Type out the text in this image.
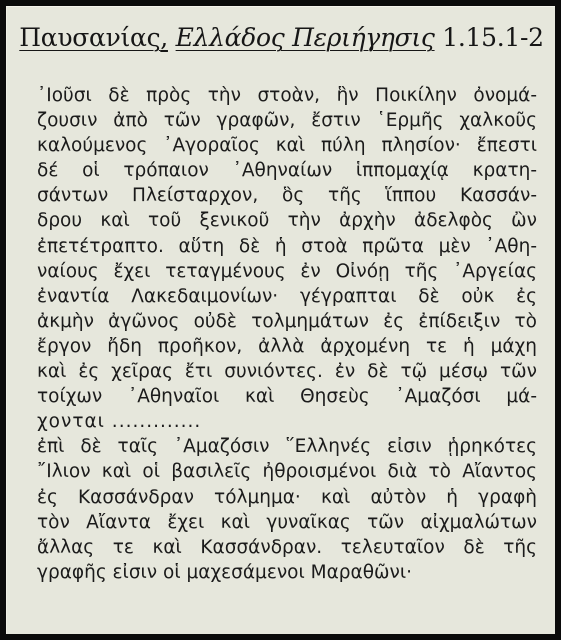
Παυσανίας, Ελλάδος Περιήγησις 1.15.1-2
᾽Ιοῦσι δὲ πρὸς τὴν στοὰν, ἣν Ποικίλην ὀνομά-
ζουσιν ἀπὸ τῶν γραφῶν, ἔστιν ῾Ερμῆς χαλκοῦς
καλούμενος ᾽Αγοραῖος καὶ πύλη πλησίον· ἔπεστι
δέ οἱ τρόπαιον ᾽Αθηναίων ἱππομαχίᾳ κρατη-
σάντων Πλείσταρχον, ὃς τῆς ἵππου Κασσάν-
δρου καὶ τοῦ ξενικοῦ τὴν ἀρχὴν ἀδελφὸς ὢν
ἐπετέτραπτο. αὕτη δὲ ἡ στοὰ πρῶτα μὲν ᾽Αθη-
ναίους ἔχει τεταγμένους ἐν Οἰνόῃ τῆς ᾽Αργείας
ἐναντία Λακεδαιμονίων· γέγραπται δὲ οὐκ ἐς
ἀκμὴν ἀγῶνος οὐδὲ τολμημάτων ἐς ἐπίδειξιν τὸ
ἔργον ἤδη προῆκον, ἀλλὰ ἀρχομένη τε ἡ μάχη
καὶ ἐς χεῖρας ἔτι συνιόντες. ἐν δὲ τῷ μέσῳ τῶν
τοίχων ᾽Αθηναῖοι καὶ Θησεὺς ᾽Αμαζόσι μά-
χονται .............
ἐπὶ δὲ ταῖς ᾽Αμαζόσιν ῞Ελληνές εἰσιν ᾑρηκότες
῎Ιλιον καὶ οἱ βασιλεῖς ἠθροισμένοι διὰ τὸ Αἴαντος
ἐς Κασσάνδραν τόλμημα· καὶ αὐτὸν ἡ γραφὴ
τὸν Αἴαντα ἔχει καὶ γυναῖκας τῶν αἰχμαλώτων
ἄλλας τε καὶ Κασσάνδραν. τελευταῖον δὲ τῆς
γραφῆς εἰσιν οἱ μαχεσάμενοι Μαραθῶνι·
